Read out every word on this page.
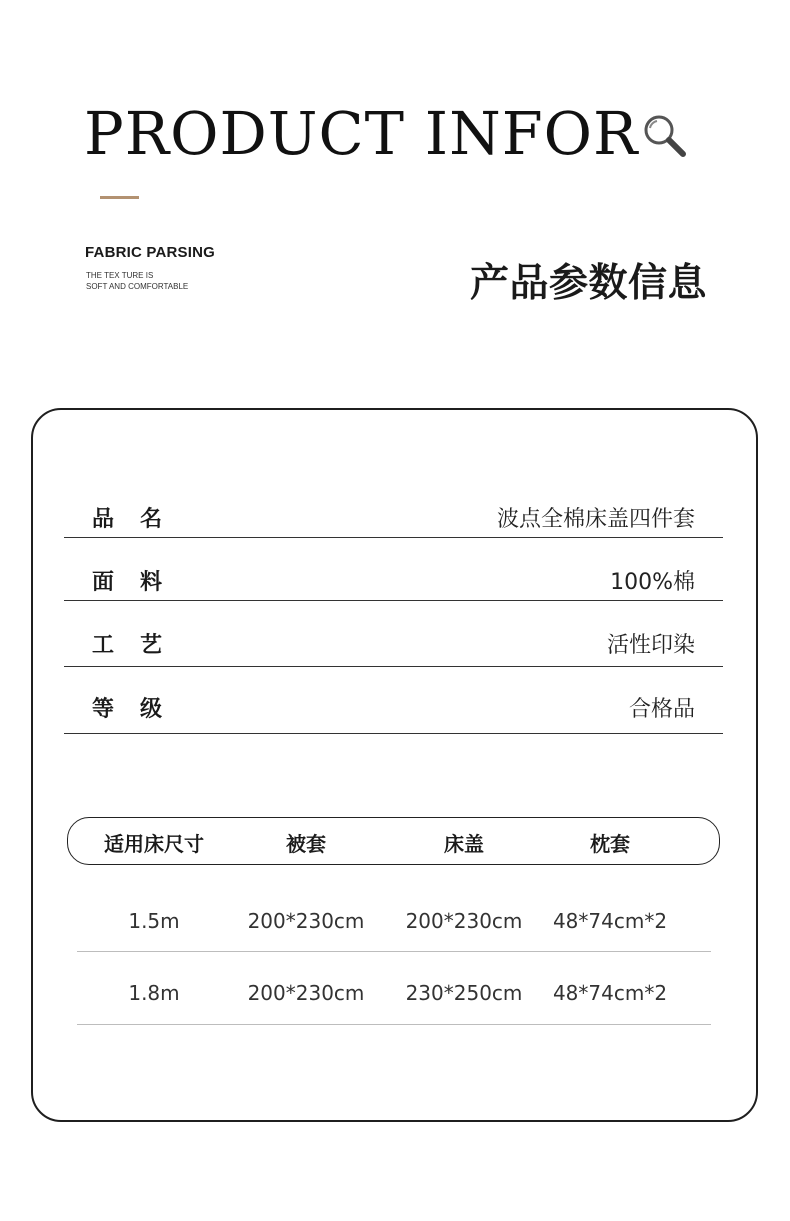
PRODUCT INFOR
FABRIC PARSING
THE TEX TURE IS
SOFT AND COMFORTABLE	产品参数信息
品名	波点全棉床盖四件套
面料	100%棉
工艺	活性印染
等级	合格品
适用床尺寸	被套	床盖	枕套
1.5m	200*230cm 200*230cm 48*74cm*2
1.8m	200*230cm 230*250cm 48*74cm*2
